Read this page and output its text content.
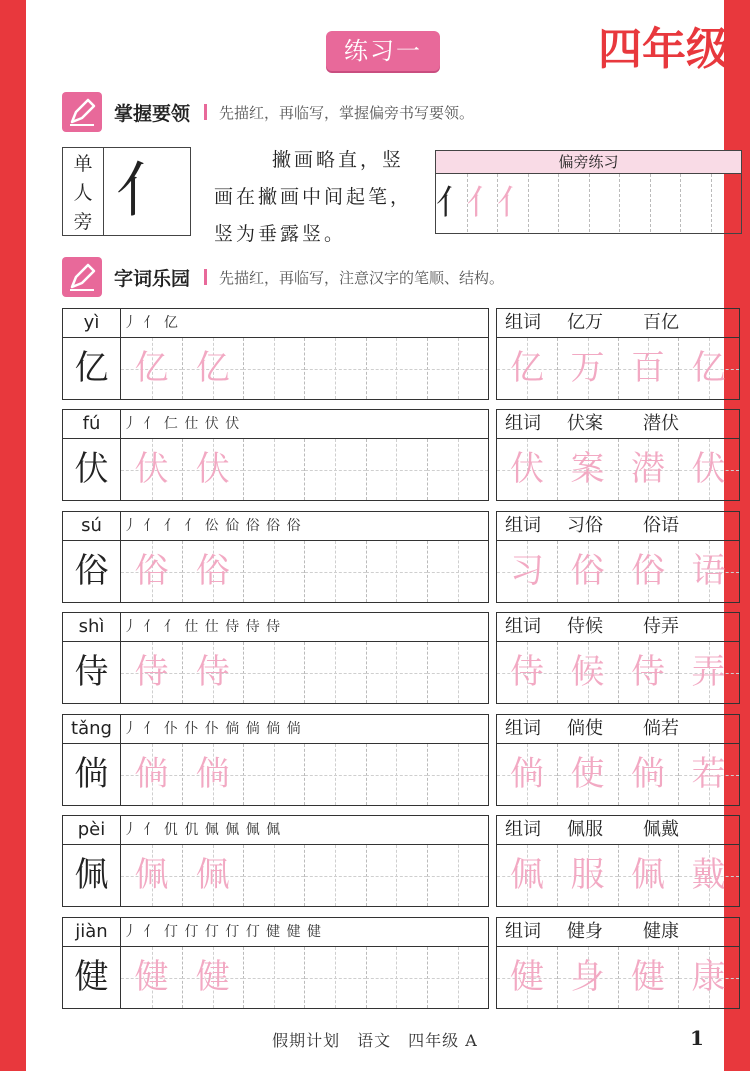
练习一	四年级
掌握要领 先描红，再临写，掌握偏旁书写要领。
单
人
旁 亻	撇画略直，竖画在撇画中间起笔，竖为垂露竖。
偏旁练习
亻
亻
亻
字词乐园 先描红，再临写，注意汉字的笔顺、结构。
yì	丿 亻 亿
亿 亿 亿
组词 亿万 百亿
亿 万 百 亿
fú	丿 亻 仁 仕 伏 伏
伏 伏 伏
组词 伏案 潜伏
伏 案 潜 伏
sú	丿 亻 亻 亻 伀 佡 俗 俗 俗
俗 俗 俗
组词 习俗 俗语
习 俗 俗 语
shì	丿 亻 亻 仕 仕 侍 侍 侍
侍 侍 侍
组词 侍候 侍弄
侍 候 侍 弄
tǎng 丿 亻 仆 仆 仆 倘 倘 倘 倘
倘 倘 倘
组词 倘使 倘若
倘 使 倘 若
pèi	丿 亻 仉 仉 佩 佩 佩 佩
佩 佩 佩
组词 佩服 佩戴
佩 服 佩 戴
jiàn	丿 亻 仃 仃 仃 仃 仃 健 健 健
健 健 健
组词 健身 健康
健 身 健 康
假期计划　语文　四年级 A	1
